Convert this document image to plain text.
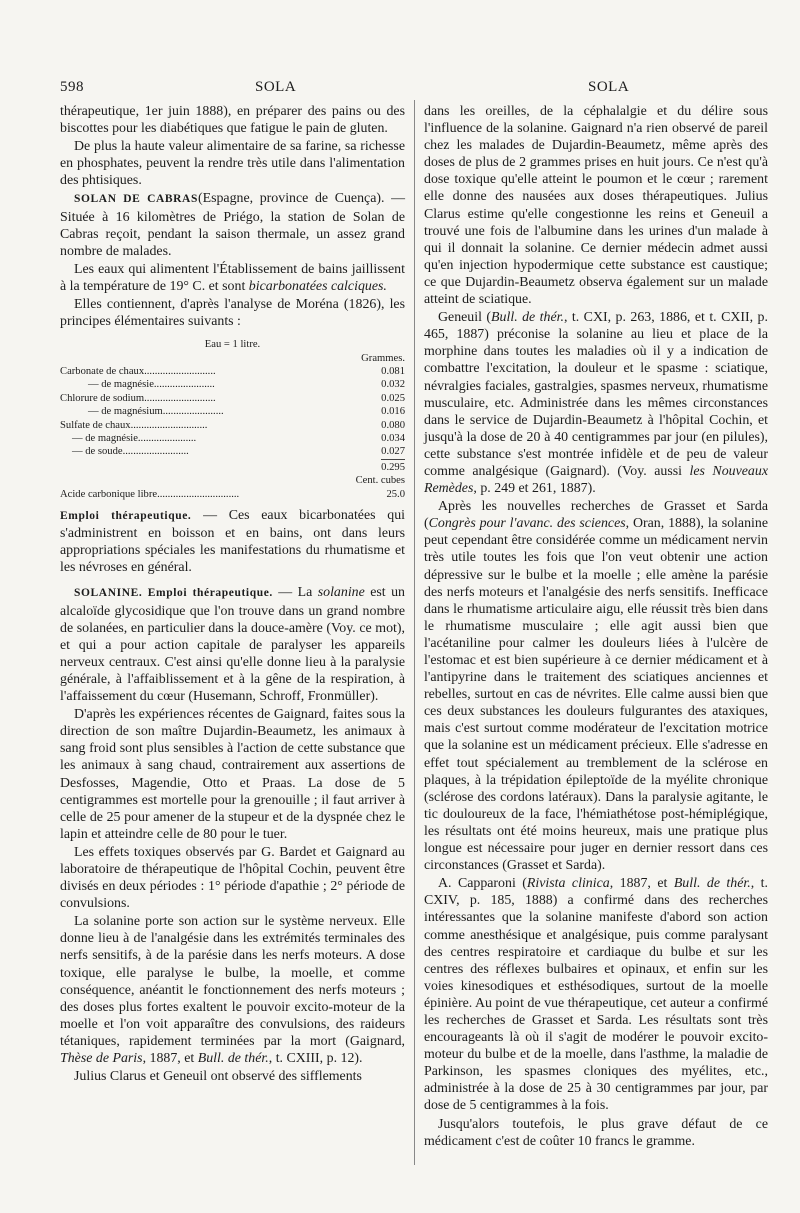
598	SOLA	SOLA

thérapeutique, 1er juin 1888), en préparer des pains ou des biscottes pour les diabétiques que fatigue le pain de gluten.

De plus la haute valeur alimentaire de sa farine, sa richesse en phosphates, peuvent la rendre très utile dans l'alimentation des phtisiques.

SOLAN DE CABRAS(Espagne, province de Cuença). — Située à 16 kilomètres de Priégo, la station de Solan de Cabras reçoit, pendant la saison thermale, un assez grand nombre de malades.

Les eaux qui alimentent l'Établissement de bains jaillissent à la température de 19° C. et sont bicarbonatées calciques.

Elles contiennent, d'après l'analyse de Moréna (1826), les principes élémentaires suivants :

Eau = 1 litre.
Grammes.
Carbonate de chaux...........................	0.081
— de magnésie.......................	0.032
Chlorure de sodium...........................	0.025
— de magnésium.......................	0.016
Sulfate de chaux.............................	0.080
— de magnésie......................	0.034
— de soude.........................	0.027
0.295
Cent. cubes
Acide carbonique libre...............................	25.0

Emploi thérapeutique. — Ces eaux bicarbonatées qui s'administrent en boisson et en bains, ont dans leurs appropriations spéciales les manifestations du rhumatisme et les névroses en général.

SOLANINE. Emploi thérapeutique. — La solanine est un alcaloïde glycosidique que l'on trouve dans un grand nombre de solanées, en particulier dans la douce-amère (Voy. ce mot), et qui a pour action capitale de paralyser les appareils nerveux centraux. C'est ainsi qu'elle donne lieu à la paralysie générale, à l'affaiblissement et à la gêne de la respiration, à l'affaissement du cœur (Husemann, Schroff, Fronmüller).

D'après les expériences récentes de Gaignard, faites sous la direction de son maître Dujardin-Beaumetz, les animaux à sang froid sont plus sensibles à l'action de cette substance que les animaux à sang chaud, contrairement aux assertions de Desfosses, Magendie, Otto et Praas. La dose de 5 centigrammes est mortelle pour la grenouille ; il faut arriver à celle de 25 pour amener de la stupeur et de la dyspnée chez le lapin et atteindre celle de 80 pour le tuer.

Les effets toxiques observés par G. Bardet et Gaignard au laboratoire de thérapeutique de l'hôpital Cochin, peuvent être divisés en deux périodes : 1° période d'apathie ; 2° période de convulsions.

La solanine porte son action sur le système nerveux. Elle donne lieu à de l'analgésie dans les extrémités terminales des nerfs sensitifs, à de la parésie dans les nerfs moteurs. A dose toxique, elle paralyse le bulbe, la moelle, et comme conséquence, anéantit le fonctionnement des nerfs moteurs ; des doses plus fortes exaltent le pouvoir excito-moteur de la moelle et l'on voit apparaître des convulsions, des raideurs tétaniques, rapidement terminées par la mort (Gaignard, Thèse de Paris, 1887, et Bull. de thér., t. CXIII, p. 12).

Julius Clarus et Geneuil ont observé des sifflements

dans les oreilles, de la céphalalgie et du délire sous l'influence de la solanine. Gaignard n'a rien observé de pareil chez les malades de Dujardin-Beaumetz, même après des doses de plus de 2 grammes prises en huit jours. Ce n'est qu'à dose toxique qu'elle atteint le poumon et le cœur ; rarement elle donne des nausées aux doses thérapeutiques. Julius Clarus estime qu'elle congestionne les reins et Geneuil a trouvé une fois de l'albumine dans les urines d'un malade à qui il donnait la solanine. Ce dernier médecin admet aussi qu'en injection hypodermique cette substance est caustique; ce que Dujardin-Beaumetz observa également sur un malade atteint de sciatique.

Geneuil (Bull. de thér., t. CXI, p. 263, 1886, et t. CXII, p. 465, 1887) préconise la solanine au lieu et place de la morphine dans toutes les maladies où il y a indication de combattre l'excitation, la douleur et le spasme : sciatique, névralgies faciales, gastralgies, spasmes nerveux, rhumatisme musculaire, etc. Administrée dans les mêmes circonstances dans le service de Dujardin-Beaumetz à l'hôpital Cochin, et jusqu'à la dose de 20 à 40 centigrammes par jour (en pilules), cette substance s'est montrée infidèle et de peu de valeur comme analgésique (Gaignard). (Voy. aussi les Nouveaux Remèdes, p. 249 et 261, 1887).

Après les nouvelles recherches de Grasset et Sarda (Congrès pour l'avanc. des sciences, Oran, 1888), la solanine peut cependant être considérée comme un médicament nervin très utile toutes les fois que l'on veut obtenir une action dépressive sur le bulbe et la moelle ; elle amène la parésie des nerfs moteurs et l'analgésie des nerfs sensitifs. Inefficace dans le rhumatisme articulaire aigu, elle réussit très bien dans le rhumatisme musculaire ; elle agit aussi bien que l'acétaniline pour calmer les douleurs liées à l'ulcère de l'estomac et est bien supérieure à ce dernier médicament et à l'antipyrine dans le traitement des sciatiques anciennes et rebelles, surtout en cas de névrites. Elle calme aussi bien que ces deux substances les douleurs fulgurantes des ataxiques, mais c'est surtout comme modérateur de l'excitation motrice que la solanine est un médicament précieux. Elle s'adresse en effet tout spécialement au tremblement de la sclérose en plaques, à la trépidation épileptoïde de la myélite chronique (sclérose des cordons latéraux). Dans la paralysie agitante, le tic douloureux de la face, l'hémiathétose post-hémiplégique, les résultats ont été moins heureux, mais une pratique plus longue est nécessaire pour juger en dernier ressort dans ces circonstances (Grasset et Sarda).

A. Capparoni (Rivista clinica, 1887, et Bull. de thér., t. CXIV, p. 185, 1888) a confirmé dans des recherches intéressantes que la solanine manifeste d'abord son action comme anesthésique et analgésique, puis comme paralysant des centres respiratoire et cardiaque du bulbe et sur les centres des réflexes bulbaires et opinaux, et enfin sur les voies kinesodiques et esthésodiques, surtout de la moelle épinière. Au point de vue thérapeutique, cet auteur a confirmé les recherches de Grasset et Sarda. Les résultats sont très encourageants là où il s'agit de modérer le pouvoir excito-moteur du bulbe et de la moelle, dans l'asthme, la maladie de Parkinson, les spasmes cloniques des myélites, etc., administrée à la dose de 25 à 30 centigrammes par jour, par dose de 5 centigrammes à la fois.

Jusqu'alors toutefois, le plus grave défaut de ce médicament c'est de coûter 10 francs le gramme.
